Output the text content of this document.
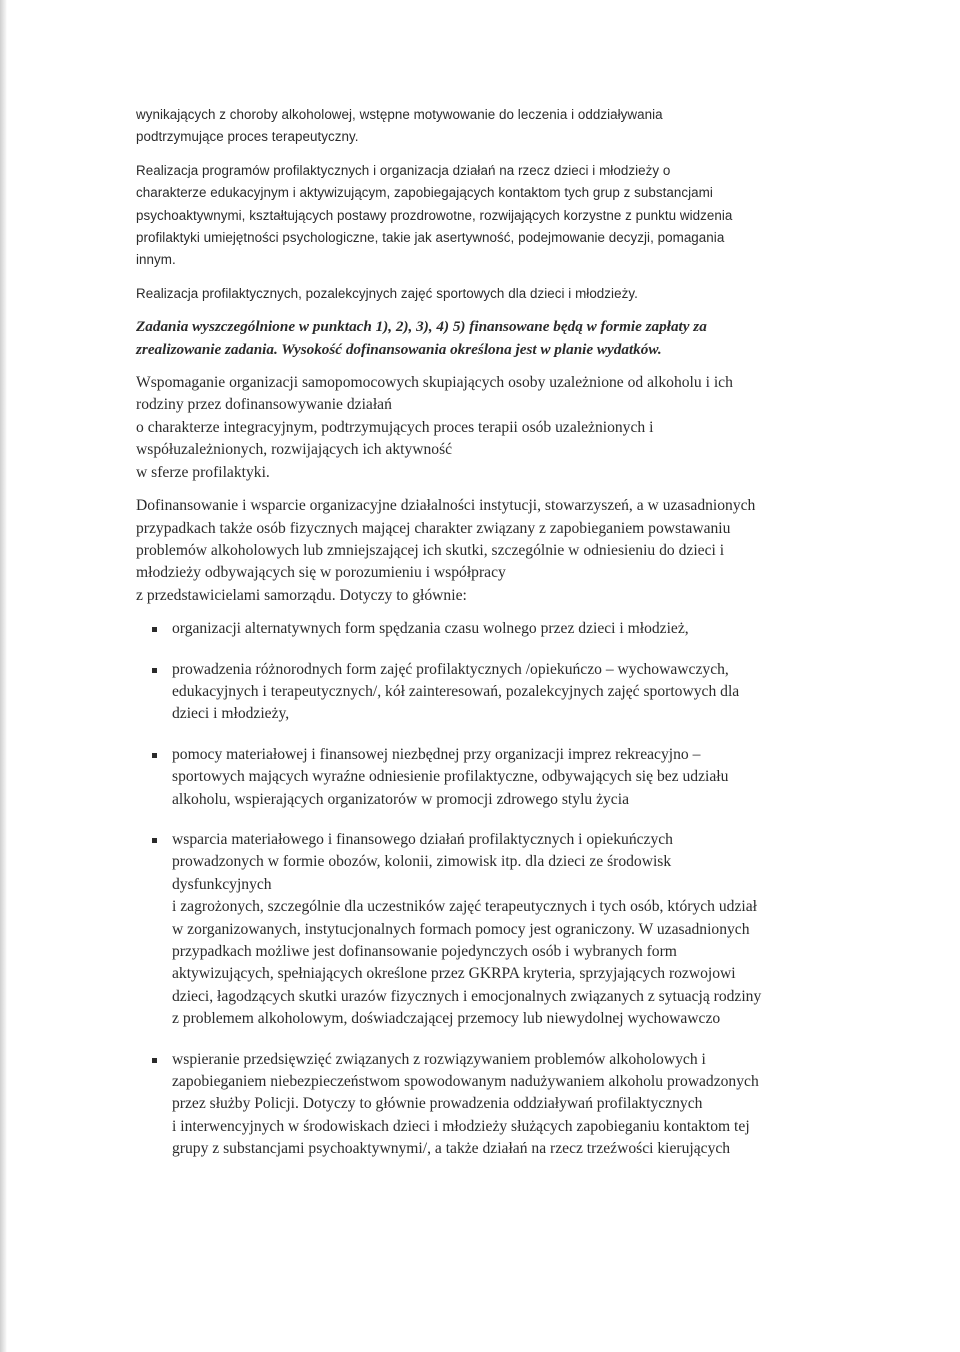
wynikających z choroby alkoholowej, wstępne motywowanie do leczenia i oddziaływania
podtrzymujące proces terapeutyczny.
Realizacja programów profilaktycznych i organizacja działań na rzecz dzieci i młodzieży o
charakterze edukacyjnym i aktywizującym, zapobiegających kontaktom tych grup z substancjami
psychoaktywnymi, kształtujących postawy prozdrowotne, rozwijających korzystne z punktu widzenia
profilaktyki umiejętności psychologiczne, takie jak asertywność, podejmowanie decyzji, pomagania
innym.
Realizacja profilaktycznych, pozalekcyjnych zajęć sportowych dla dzieci i młodzieży.
Zadania wyszczególnione w punktach 1), 2), 3), 4) 5) finansowane będą w formie zapłaty za
zrealizowanie zadania. Wysokość dofinansowania określona jest w planie wydatków.
Wspomaganie organizacji samopomocowych skupiających osoby uzależnione od alkoholu i ich
rodziny przez dofinansowywanie działań
o charakterze integracyjnym, podtrzymujących proces terapii osób uzależnionych i
współuzależnionych, rozwijających ich aktywność
w sferze profilaktyki.
Dofinansowanie i wsparcie organizacyjne działalności instytucji, stowarzyszeń, a w uzasadnionych
przypadkach także osób fizycznych mającej charakter związany z zapobieganiem powstawaniu
problemów alkoholowych lub zmniejszającej ich skutki, szczególnie w odniesieniu do dzieci i
młodzieży odbywających się w porozumieniu i współpracy
z przedstawicielami samorządu. Dotyczy to głównie:
organizacji alternatywnych form spędzania czasu wolnego przez dzieci i młodzież,
prowadzenia różnorodnych form zajęć profilaktycznych /opiekuńczo – wychowawczych,
edukacyjnych i terapeutycznych/, kół zainteresowań, pozalekcyjnych zajęć sportowych dla
dzieci i młodzieży,
pomocy materiałowej i finansowej niezbędnej przy organizacji imprez rekreacyjno –
sportowych mających wyraźne odniesienie profilaktyczne, odbywających się bez udziału
alkoholu, wspierających organizatorów w promocji zdrowego stylu życia
wsparcia materiałowego i finansowego działań profilaktycznych i opiekuńczych
prowadzonych w formie obozów, kolonii, zimowisk itp. dla dzieci ze środowisk
dysfunkcyjnych
i zagrożonych, szczególnie dla uczestników zajęć terapeutycznych i tych osób, których udział
w zorganizowanych, instytucjonalnych formach pomocy jest ograniczony. W uzasadnionych
przypadkach możliwe jest dofinansowanie pojedynczych osób i wybranych form
aktywizujących, spełniających określone przez GKRPA kryteria, sprzyjających rozwojowi
dzieci, łagodzących skutki urazów fizycznych i emocjonalnych związanych z sytuacją rodziny
z problemem alkoholowym, doświadczającej przemocy lub niewydolnej wychowawczo
wspieranie przedsięwzięć związanych z rozwiązywaniem problemów alkoholowych i
zapobieganiem niebezpieczeństwom spowodowanym nadużywaniem alkoholu prowadzonych
przez służby Policji. Dotyczy to głównie prowadzenia oddziaływań profilaktycznych
i interwencyjnych w środowiskach dzieci i młodzieży służących zapobieganiu kontaktom tej
grupy z substancjami psychoaktywnymi/, a także działań na rzecz trzeźwości kierujących
